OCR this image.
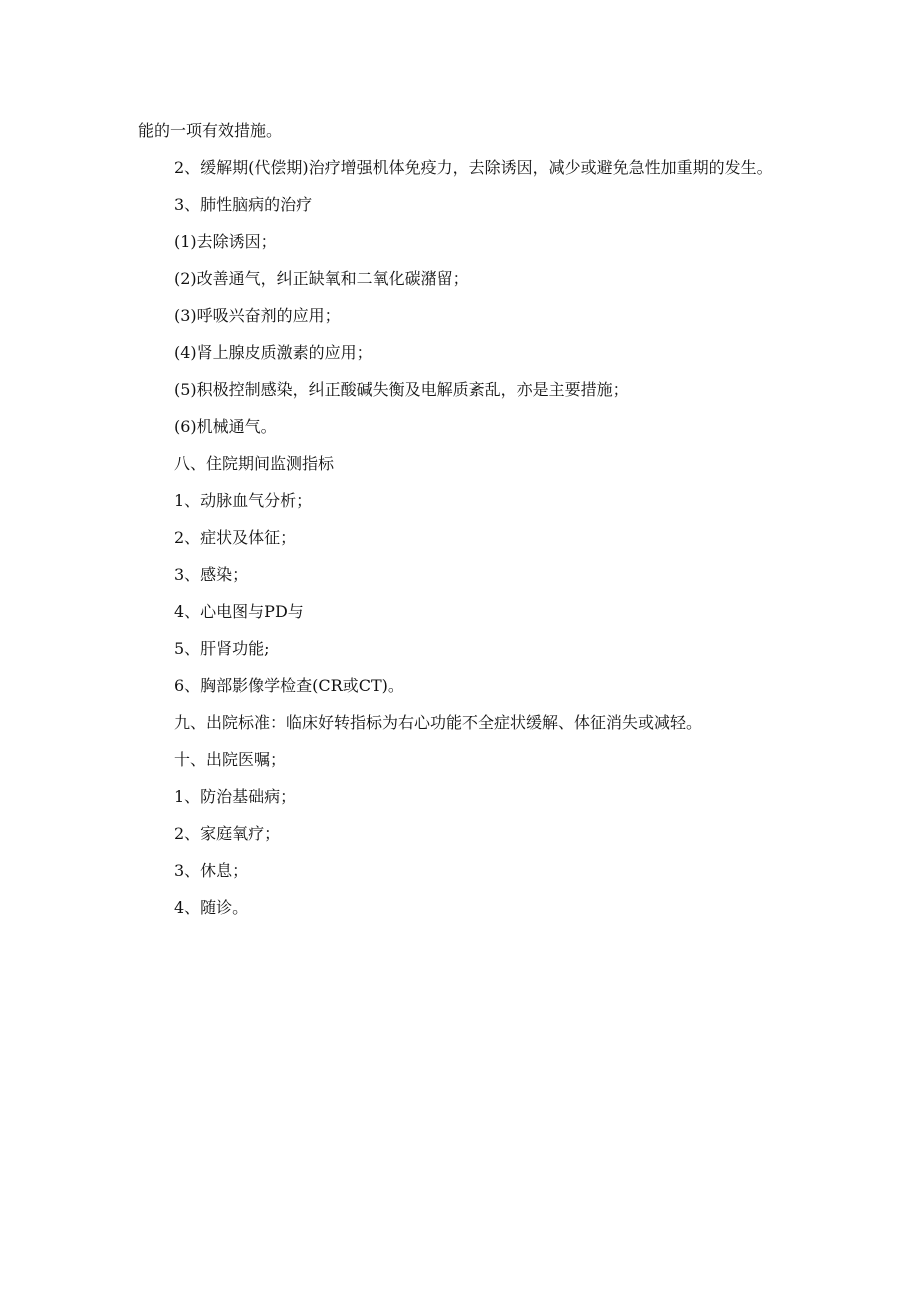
能的一项有效措施。

2、缓解期(代偿期)治疗增强机体免疫力，去除诱因，减少或避免急性加重期的发生。

3、肺性脑病的治疗

(1)去除诱因；

(2)改善通气，纠正缺氧和二氧化碳潴留；

(3)呼吸兴奋剂的应用；

(4)肾上腺皮质激素的应用；

(5)积极控制感染，纠正酸碱失衡及电解质紊乱，亦是主要措施；

(6)机械通气。

八、住院期间监测指标

1、动脉血气分析；

2、症状及体征；

3、感染；

4、心电图与PD与

5、肝肾功能;

6、胸部影像学检查(CR或CT)。

九、出院标准：临床好转指标为右心功能不全症状缓解、体征消失或减轻。

十、出院医嘱；

1、防治基础病；

2、家庭氧疗；

3、休息；

4、随诊。
